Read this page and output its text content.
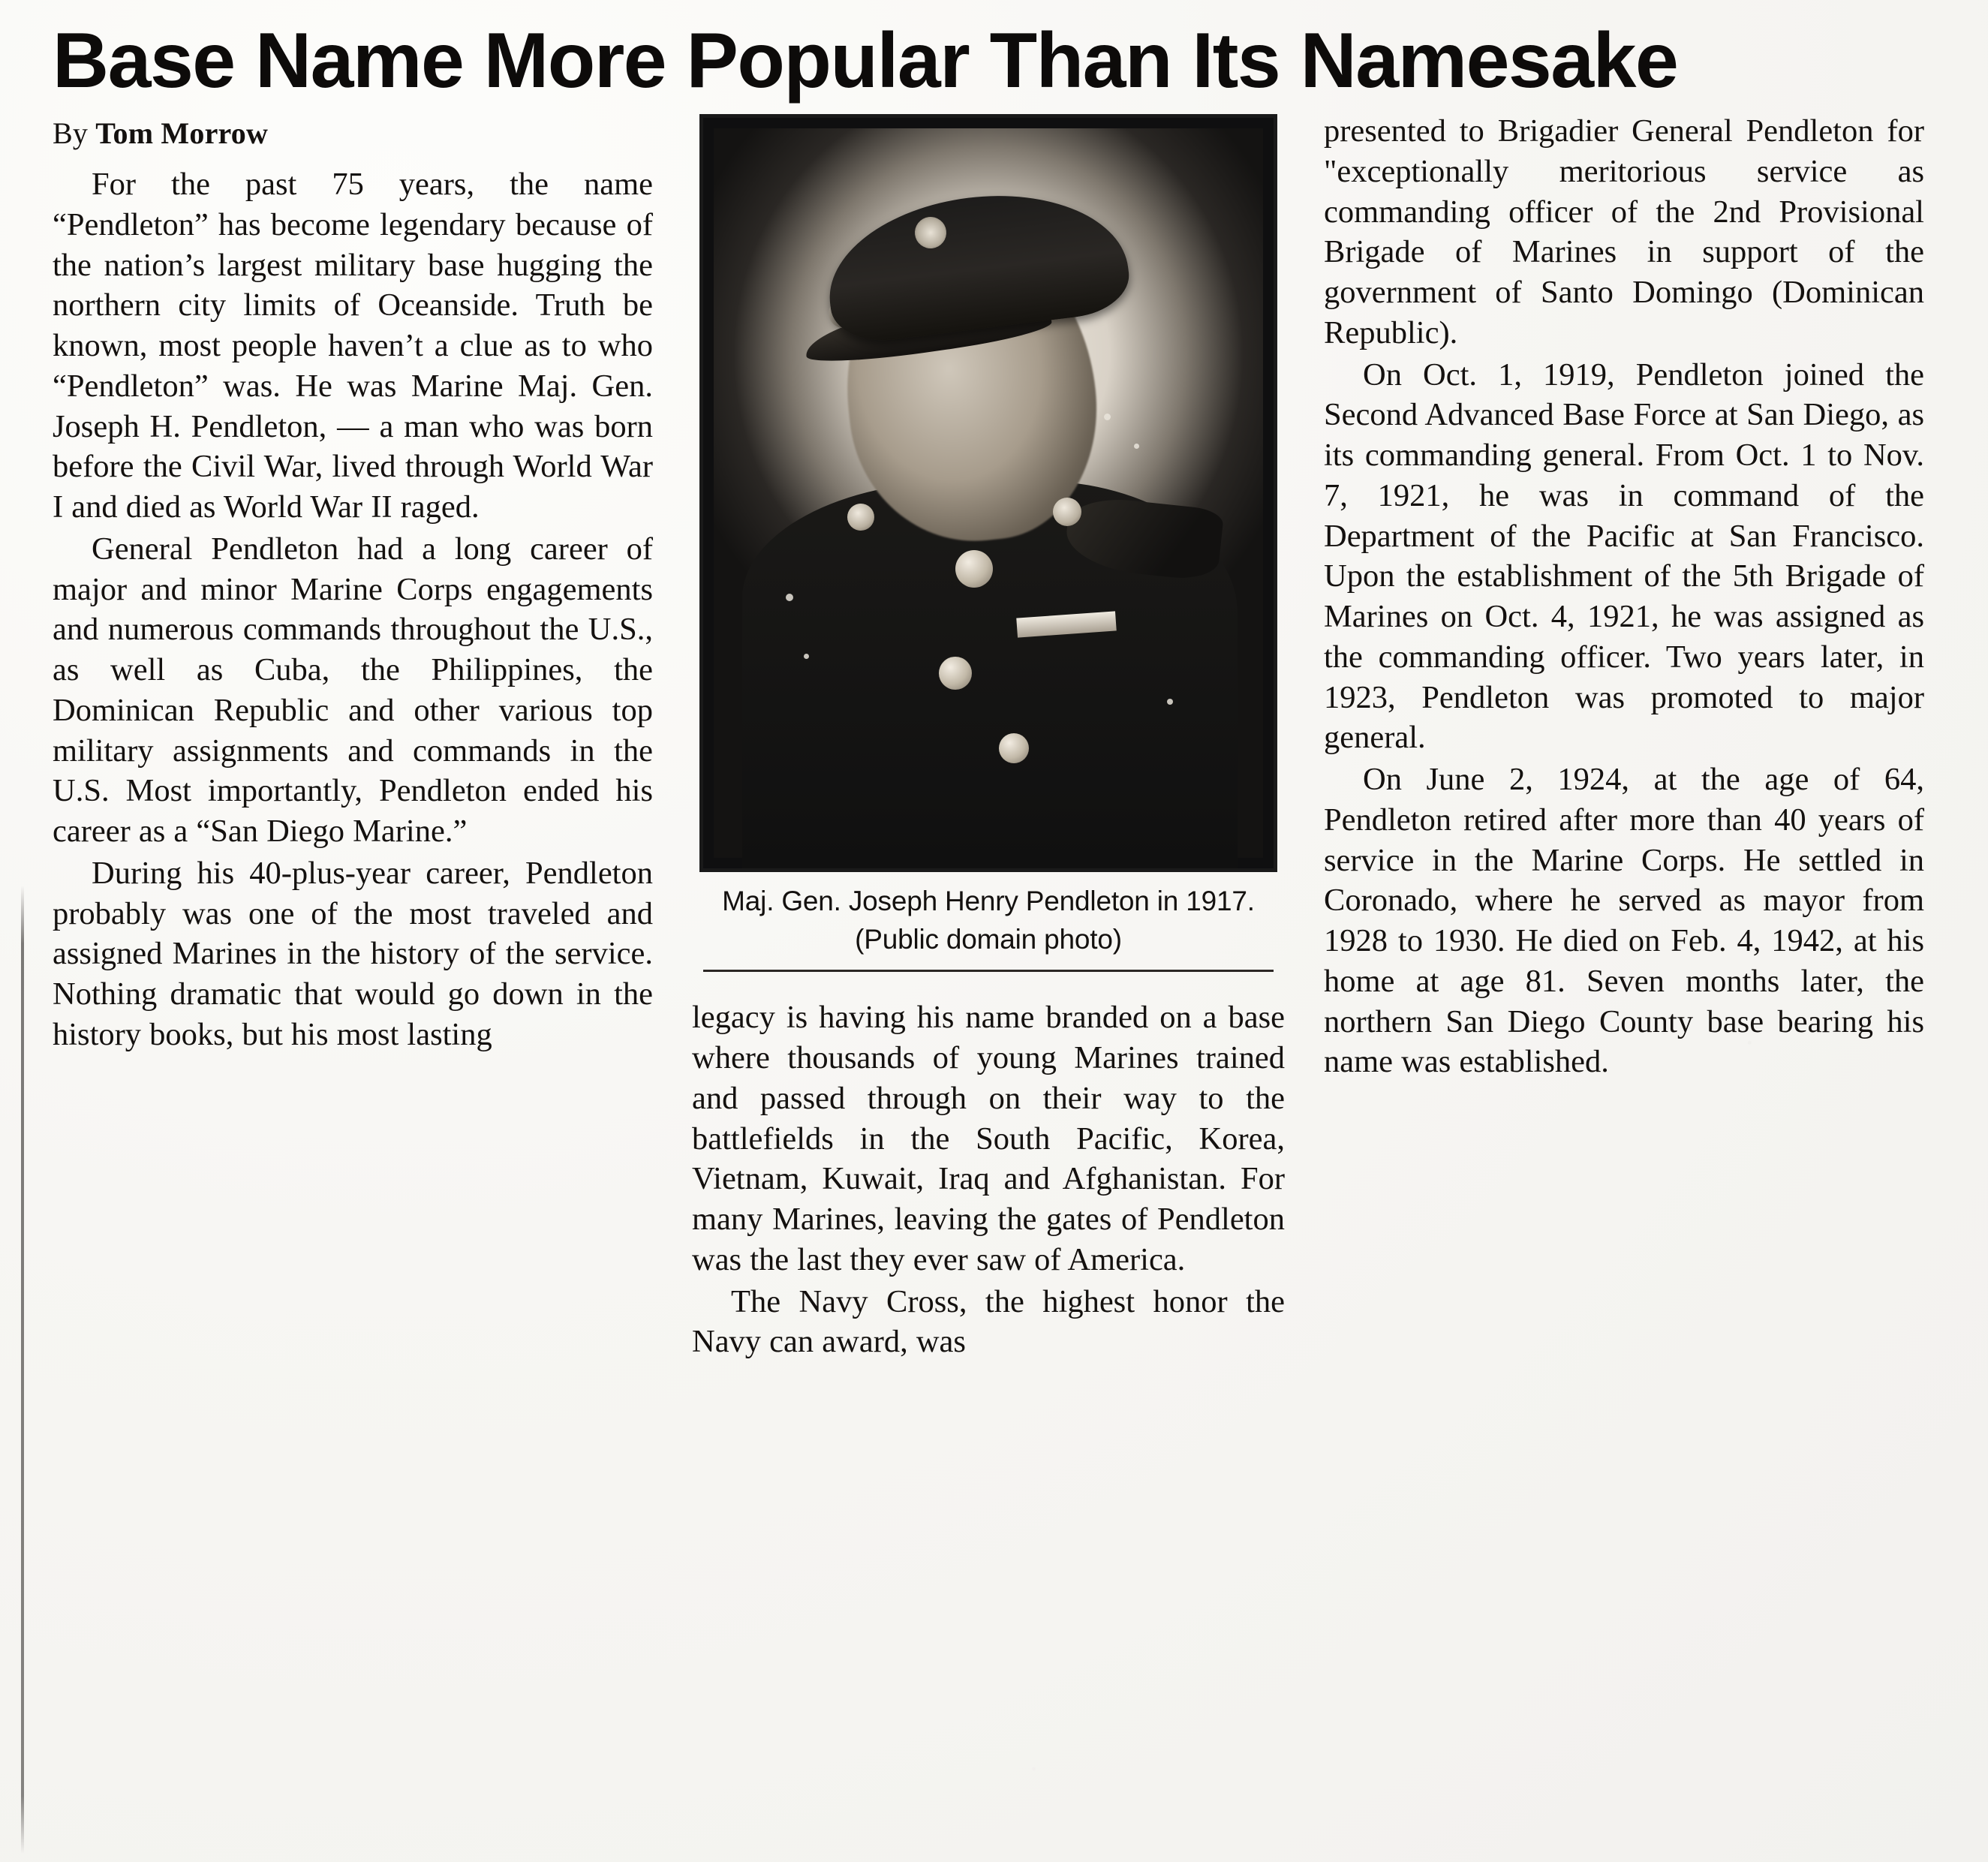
Base Name More Popular Than Its Namesake
By Tom Morrow

For the past 75 years, the name “Pendleton” has become legendary because of the nation’s largest military base hugging the northern city limits of Oceanside. Truth be known, most people haven’t a clue as to who “Pendleton” was. He was Marine Maj. Gen. Joseph H. Pendleton, — a man who was born before the Civil War, lived through World War I and died as World War II raged.

General Pendleton had a long career of major and minor Marine Corps engagements and numerous commands throughout the U.S., as well as Cuba, the Philippines, the Dominican Republic and other various top military assignments and commands in the U.S. Most importantly, Pendleton ended his career as a “San Diego Marine.”

During his 40-plus-year career, Pendleton probably was one of the most traveled and assigned Marines in the history of the service. Nothing dramatic that would go down in the history books, but his most lasting

Maj. Gen. Joseph Henry Pendleton in 1917.
(Public domain photo)

legacy is having his name branded on a base where thousands of young Marines trained and passed through on their way to the battlefields in the South Pacific, Korea, Vietnam, Kuwait, Iraq and Afghanistan. For many Marines, leaving the gates of Pendleton was the last they ever saw of America.

The Navy Cross, the highest honor the Navy can award, was

presented to Brigadier General Pendleton for "exceptionally meritorious service as commanding officer of the 2nd Provisional Brigade of Marines in support of the government of Santo Domingo (Dominican Republic).

On Oct. 1, 1919, Pendleton joined the Second Advanced Base Force at San Diego, as its commanding general. From Oct. 1 to Nov. 7, 1921, he was in command of the Department of the Pacific at San Francisco. Upon the establishment of the 5th Brigade of Marines on Oct. 4, 1921, he was assigned as the commanding officer. Two years later, in 1923, Pendleton was promoted to major general.

On June 2, 1924, at the age of 64, Pendleton retired after more than 40 years of service in the Marine Corps. He settled in Coronado, where he served as mayor from 1928 to 1930. He died on Feb. 4, 1942, at his home at age 81. Seven months later, the northern San Diego County base bearing his name was established.
